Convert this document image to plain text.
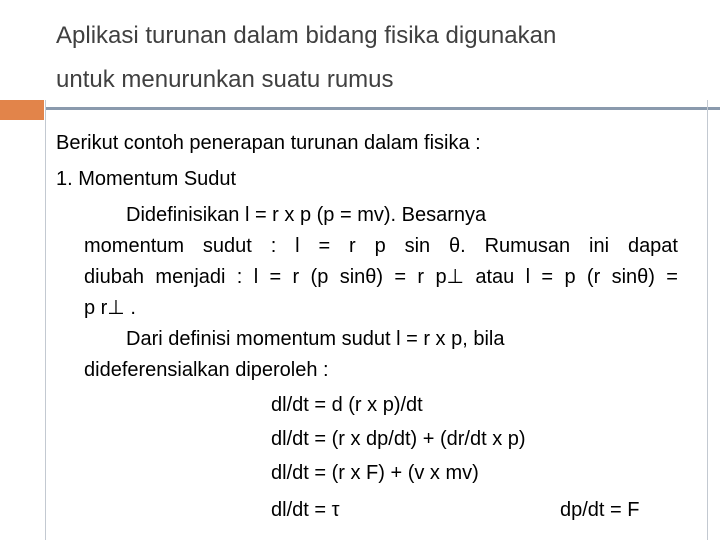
Aplikasi turunan dalam bidang fisika digunakan
untuk menurunkan suatu rumus
Berikut contoh penerapan turunan dalam fisika :
1. Momentum Sudut
Didefinisikan l = r x p (p = mv). Besarnya
momentum sudut : l = r p sin θ. Rumusan ini dapat
diubah menjadi : l = r (p sinθ) = r p⊥ atau l = p (r sinθ) =
p r⊥ .
Dari definisi momentum sudut l = r x p, bila
dideferensialkan diperoleh :
dl/dt = d (r x p)/dt
dl/dt = (r x dp/dt) + (dr/dt x p)
dl/dt = (r x F) + (v x mv)
dl/dt = τ	dp/dt = F
